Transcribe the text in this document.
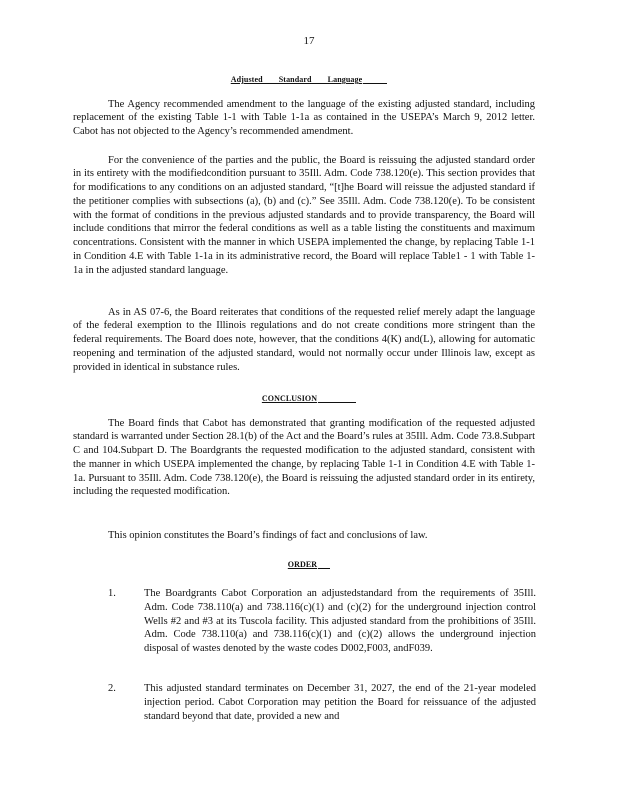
17
Adjusted Standard Language

The Agency recommended amendment to the language of the existing adjusted standard, including replacement of the existing Table 1-1 with Table 1-1a as contained in the USEPA’s March 9, 2012 letter. Cabot has not objected to the Agency’s recommended amendment.

For the convenience of the parties and the public, the Board is reissuing the adjusted standard order in its entirety with the modifiedcondition pursuant to 35Ill. Adm. Code 738.120(e). This section provides that for modifications to any conditions on an adjusted standard, “[t]he Board will reissue the adjusted standard if the petitioner complies with subsections (a), (b) and (c).” See 35Ill. Adm. Code 738.120(e). To be consistent with the format of conditions in the previous adjusted standards and to provide transparency, the Board will include conditions that mirror the federal conditions as well as a table listing the constituents and maximum concentrations. Consistent with the manner in which USEPA implemented the change, by replacing Table 1-1 in Condition 4.E with Table 1-1a in its administrative record, the Board will replace Table1 - 1 with Table 1-1a in the adjusted standard language.

As in AS 07-6, the Board reiterates that conditions of the requested relief merely adapt the language of the federal exemption to the Illinois regulations and do not create conditions more stringent than the federal requirements. The Board does note, however, that the conditions 4(K) and(L), allowing for automatic reopening and termination of the adjusted standard, would not normally occur under Illinois law, except as provided in identical in substance rules.

CONCLUSION

The Board finds that Cabot has demonstrated that granting modification of the requested adjusted standard is warranted under Section 28.1(b) of the Act and the Board’s rules at 35Ill. Adm. Code 73.8.Subpart C and 104.Subpart D. The Boardgrants the requested modification to the adjusted standard, consistent with the manner in which USEPA implemented the change, by replacing Table 1-1 in Condition 4.E with Table 1-1a. Pursuant to 35Ill. Adm. Code 738.120(e), the Board is reissuing the adjusted standard order in its entirety, including the requested modification.

This opinion constitutes the Board’s findings of fact and conclusions of law.

ORDER
1.	The Boardgrants Cabot Corporation an adjustedstandard from the requirements of 35Ill. Adm. Code 738.110(a) and 738.116(c)(1) and (c)(2) for the underground injection control Wells #2 and #3 at its Tuscola facility. This adjusted standard from the prohibitions of 35Ill. Adm. Code 738.110(a) and 738.116(c)(1) and (c)(2) allows the underground injection disposal of wastes denoted by the waste codes D002,F003, andF039.
2.	This adjusted standard terminates on December 31, 2027, the end of the 21-year modeled injection period. Cabot Corporation may petition the Board for reissuance of the adjusted standard beyond that date, provided a new and
